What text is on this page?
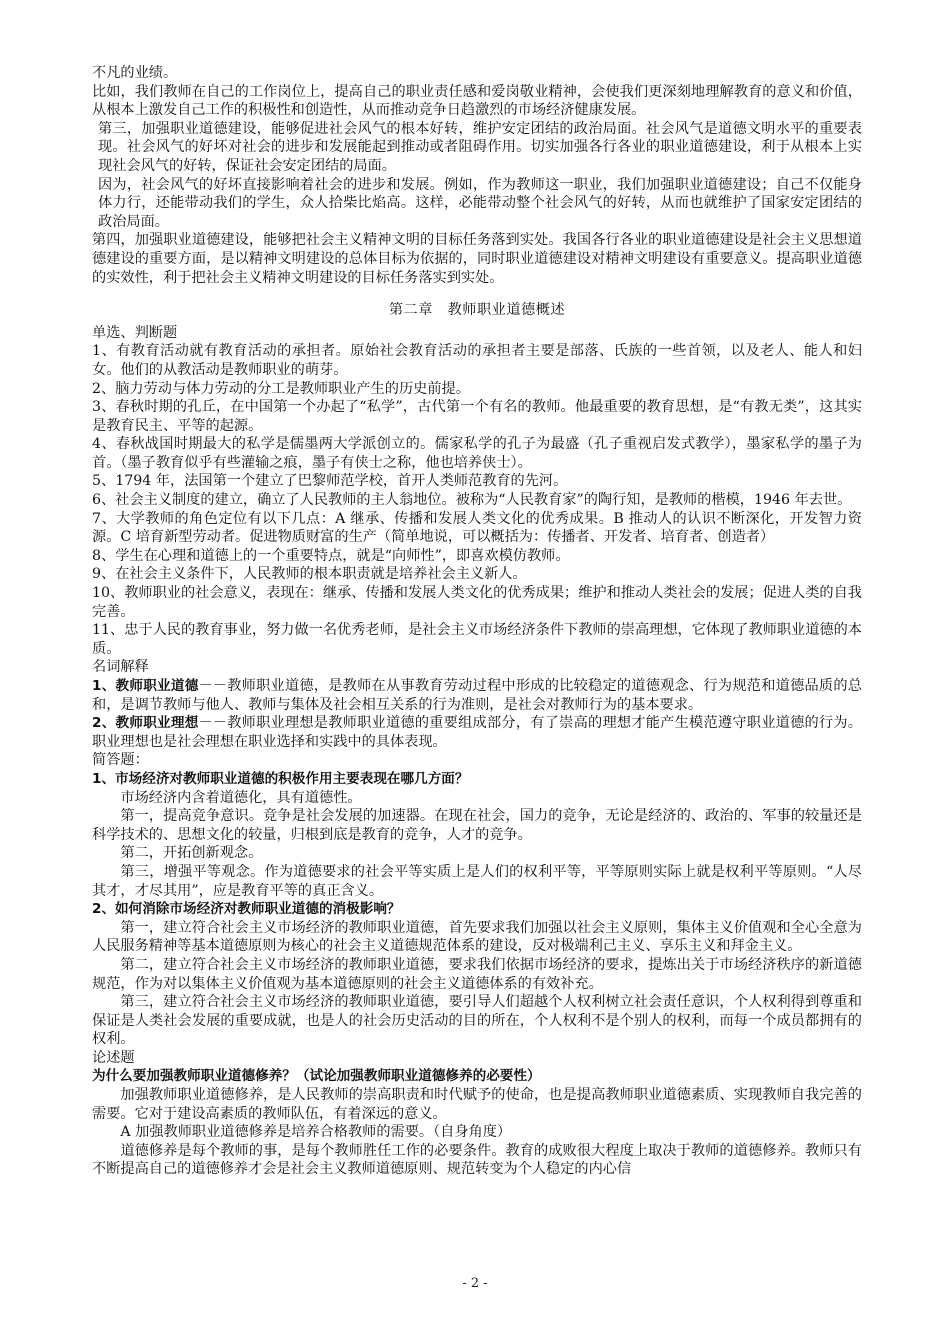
不凡的业绩。

比如，我们教师在自己的工作岗位上，提高自己的职业责任感和爱岗敬业精神，会使我们更深刻地理解教育的意义和价值，从根本上激发自己工作的积极性和创造性，从而推动竞争日趋激烈的市场经济健康发展。

第三，加强职业道德建设，能够促进社会风气的根本好转，维护安定团结的政治局面。社会风气是道德文明水平的重要表现。社会风气的好坏对社会的进步和发展能起到推动或者阻碍作用。切实加强各行各业的职业道德建设，利于从根本上实现社会风气的好转，保证社会安定团结的局面。

因为，社会风气的好坏直接影响着社会的进步和发展。例如，作为教师这一职业，我们加强职业道德建设；自己不仅能身体力行，还能带动我们的学生，众人拾柴比焰高。这样，必能带动整个社会风气的好转，从而也就维护了国家安定团结的政治局面。

第四，加强职业道德建设，能够把社会主义精神文明的目标任务落到实处。我国各行各业的职业道德建设是社会主义思想道德建设的重要方面，是以精神文明建设的总体目标为依据的，同时职业道德建设对精神文明建设有重要意义。提高职业道德的实效性，利于把社会主义精神文明建设的目标任务落实到实处。

第二章　教师职业道德概述

单选、判断题

1、有教育活动就有教育活动的承担者。原始社会教育活动的承担者主要是部落、氏族的一些首领，以及老人、能人和妇女。他们的从教活动是教师职业的萌芽。

2、脑力劳动与体力劳动的分工是教师职业产生的历史前提。

3、春秋时期的孔丘，在中国第一个办起了“私学”，古代第一个有名的教师。他最重要的教育思想，是“有教无类”，这其实是教育民主、平等的起源。

4、春秋战国时期最大的私学是儒墨两大学派创立的。儒家私学的孔子为最盛（孔子重视启发式教学），墨家私学的墨子为首。（墨子教育似乎有些灌输之痕，墨子有侠士之称，他也培养侠士）。

5、1794 年，法国第一个建立了巴黎师范学校，首开人类师范教育的先河。

6、社会主义制度的建立，确立了人民教师的主人翁地位。被称为“人民教育家”的陶行知，是教师的楷模，1946 年去世。

7、大学教师的角色定位有以下几点：A 继承、传播和发展人类文化的优秀成果。B 推动人的认识不断深化，开发智力资源。C 培育新型劳动者。促进物质财富的生产（简单地说，可以概括为：传播者、开发者、培育者、创造者）

8、学生在心理和道德上的一个重要特点，就是“向师性”，即喜欢模仿教师。

9、在社会主义条件下，人民教师的根本职责就是培养社会主义新人。

10、教师职业的社会意义，表现在：继承、传播和发展人类文化的优秀成果；维护和推动人类社会的发展；促进人类的自我完善。

11、忠于人民的教育事业，努力做一名优秀老师，是社会主义市场经济条件下教师的崇高理想，它体现了教师职业道德的本质。

名词解释

1、教师职业道德－－教师职业道德，是教师在从事教育劳动过程中形成的比较稳定的道德观念、行为规范和道德品质的总和，是调节教师与他人、教师与集体及社会相互关系的行为准则，是社会对教师行为的基本要求。

2、教师职业理想－－教师职业理想是教师职业道德的重要组成部分，有了崇高的理想才能产生模范遵守职业道德的行为。职业理想也是社会理想在职业选择和实践中的具体表现。

简答题：

1、市场经济对教师职业道德的积极作用主要表现在哪几方面？

市场经济内含着道德化，具有道德性。

第一，提高竞争意识。竞争是社会发展的加速器。在现在社会，国力的竞争，无论是经济的、政治的、军事的较量还是科学技术的、思想文化的较量，归根到底是教育的竞争，人才的竞争。

第二，开拓创新观念。

第三，增强平等观念。作为道德要求的社会平等实质上是人们的权利平等，平等原则实际上就是权利平等原则。“人尽其才，才尽其用”，应是教育平等的真正含义。

2、如何消除市场经济对教师职业道德的消极影响？

第一，建立符合社会主义市场经济的教师职业道德，首先要求我们加强以社会主义原则，集体主义价值观和全心全意为人民服务精神等基本道德原则为核心的社会主义道德规范体系的建设，反对极端利己主义、享乐主义和拜金主义。

第二，建立符合社会主义市场经济的教师职业道德，要求我们依据市场经济的要求，提炼出关于市场经济秩序的新道德规范，作为对以集体主义价值观为基本道德原则的社会主义道德体系的有效补充。

第三，建立符合社会主义市场经济的教师职业道德，要引导人们超越个人权利树立社会责任意识，个人权利得到尊重和保证是人类社会发展的重要成就，也是人的社会历史活动的目的所在，个人权利不是个别人的权利，而每一个成员都拥有的权利。

论述题

为什么要加强教师职业道德修养？（试论加强教师职业道德修养的必要性）

加强教师职业道德修养，是人民教师的崇高职责和时代赋予的使命，也是提高教师职业道德素质、实现教师自我完善的需要。它对于建设高素质的教师队伍，有着深远的意义。

A 加强教师职业道德修养是培养合格教师的需要。（自身角度）

道德修养是每个教师的事，是每个教师胜任工作的必要条件。教育的成败很大程度上取决于教师的道德修养。教师只有不断提高自己的道德修养才会是社会主义教师道德原则、规范转变为个人稳定的内心信

- 2 -
